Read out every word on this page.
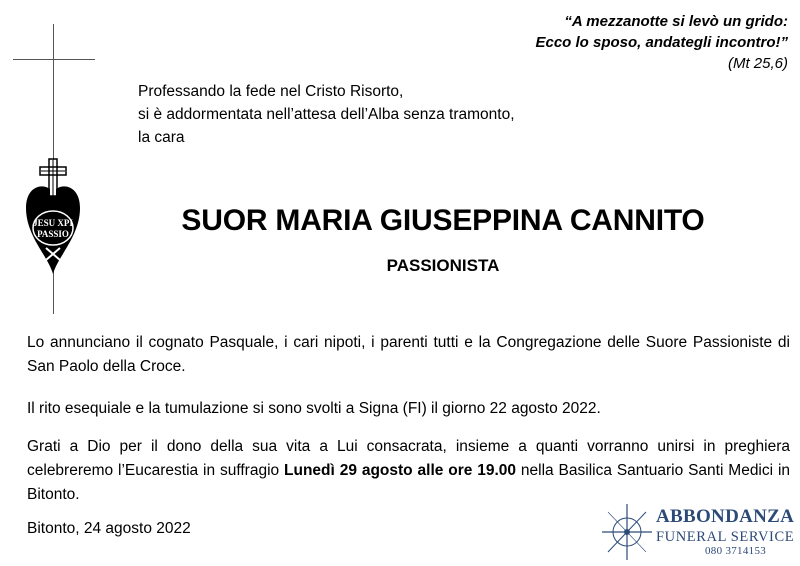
“A mezzanotte si levò un grido:
Ecco lo sposo, andategli incontro!”
(Mt 25,6)
JESU XPI
PASSIO
Professando la fede nel Cristo Risorto,
si è addormentata nell’attesa dell’Alba senza tramonto,
la cara
SUOR MARIA GIUSEPPINA CANNITO
PASSIONISTA
Lo annunciano il cognato Pasquale, i cari nipoti, i parenti tutti e la Congregazione delle Suore Passioniste di San Paolo della Croce.
Il rito esequiale e la tumulazione si sono svolti a Signa (FI) il giorno 22 agosto 2022.
Grati a Dio per il dono della sua vita a Lui consacrata, insieme a quanti vorranno unirsi in preghiera celebreremo l’Eucarestia in suffragio Lunedì 29 agosto alle ore 19.00 nella Basilica Santuario Santi Medici in Bitonto.
Bitonto, 24 agosto 2022
ABBONDANZA
FUNERAL SERVICE
080 3714153
